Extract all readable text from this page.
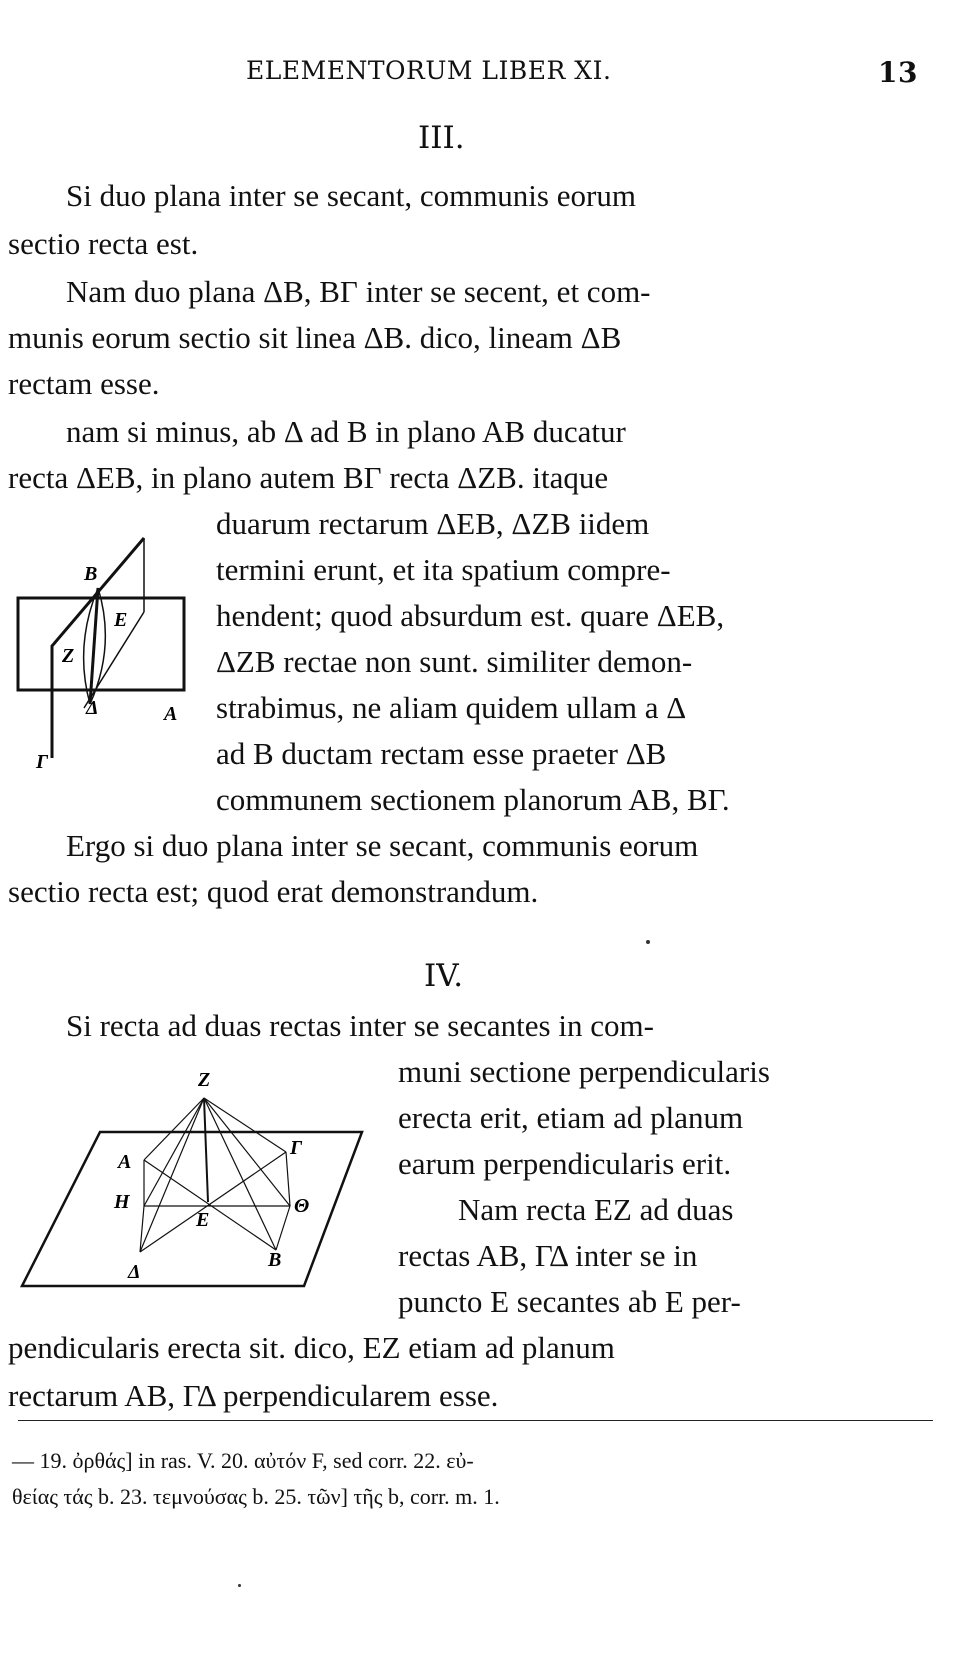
ELEMENTORUM LIBER XI.	13
III.
Si duo plana inter se secant, communis eorum
sectio recta est.
Nam duo plana ΔB, BΓ inter se secent, et com-
munis eorum sectio sit linea ΔB. dico, lineam ΔB
rectam esse.
nam si minus, ab Δ ad B in plano AB ducatur
recta ΔEB, in plano autem BΓ recta ΔZB. itaque
duarum rectarum ΔEB, ΔZB iidem
termini erunt, et ita spatium compre-
hendent; quod absurdum est. quare ΔEB,
ΔZB rectae non sunt. similiter demon-
strabimus, ne aliam quidem ullam a Δ
ad B ductam rectam esse praeter ΔB
communem sectionem planorum AB, BΓ.
Ergo si duo plana inter se secant, communis eorum
sectio recta est; quod erat demonstrandum.
B
E
Z
Δ	A
Γ
IV.
Si recta ad duas rectas inter se secantes in com-
muni sectione perpendicularis
erecta erit, etiam ad planum
earum perpendicularis erit.
Nam recta EZ ad duas
rectas AB, ΓΔ inter se in
puncto E secantes ab E per-
pendicularis erecta sit. dico, EZ etiam ad planum
rectarum AB, ΓΔ perpendicularem esse.
Z
A
Γ
H	Θ
E
B
Δ
— 19. ὀρθάς] in ras. V. 20. αὐτόν F, sed corr. 22. εὐ-
θείας τάς b. 23. τεμνούσας b. 25. τῶν] τῆς b, corr. m. 1.
